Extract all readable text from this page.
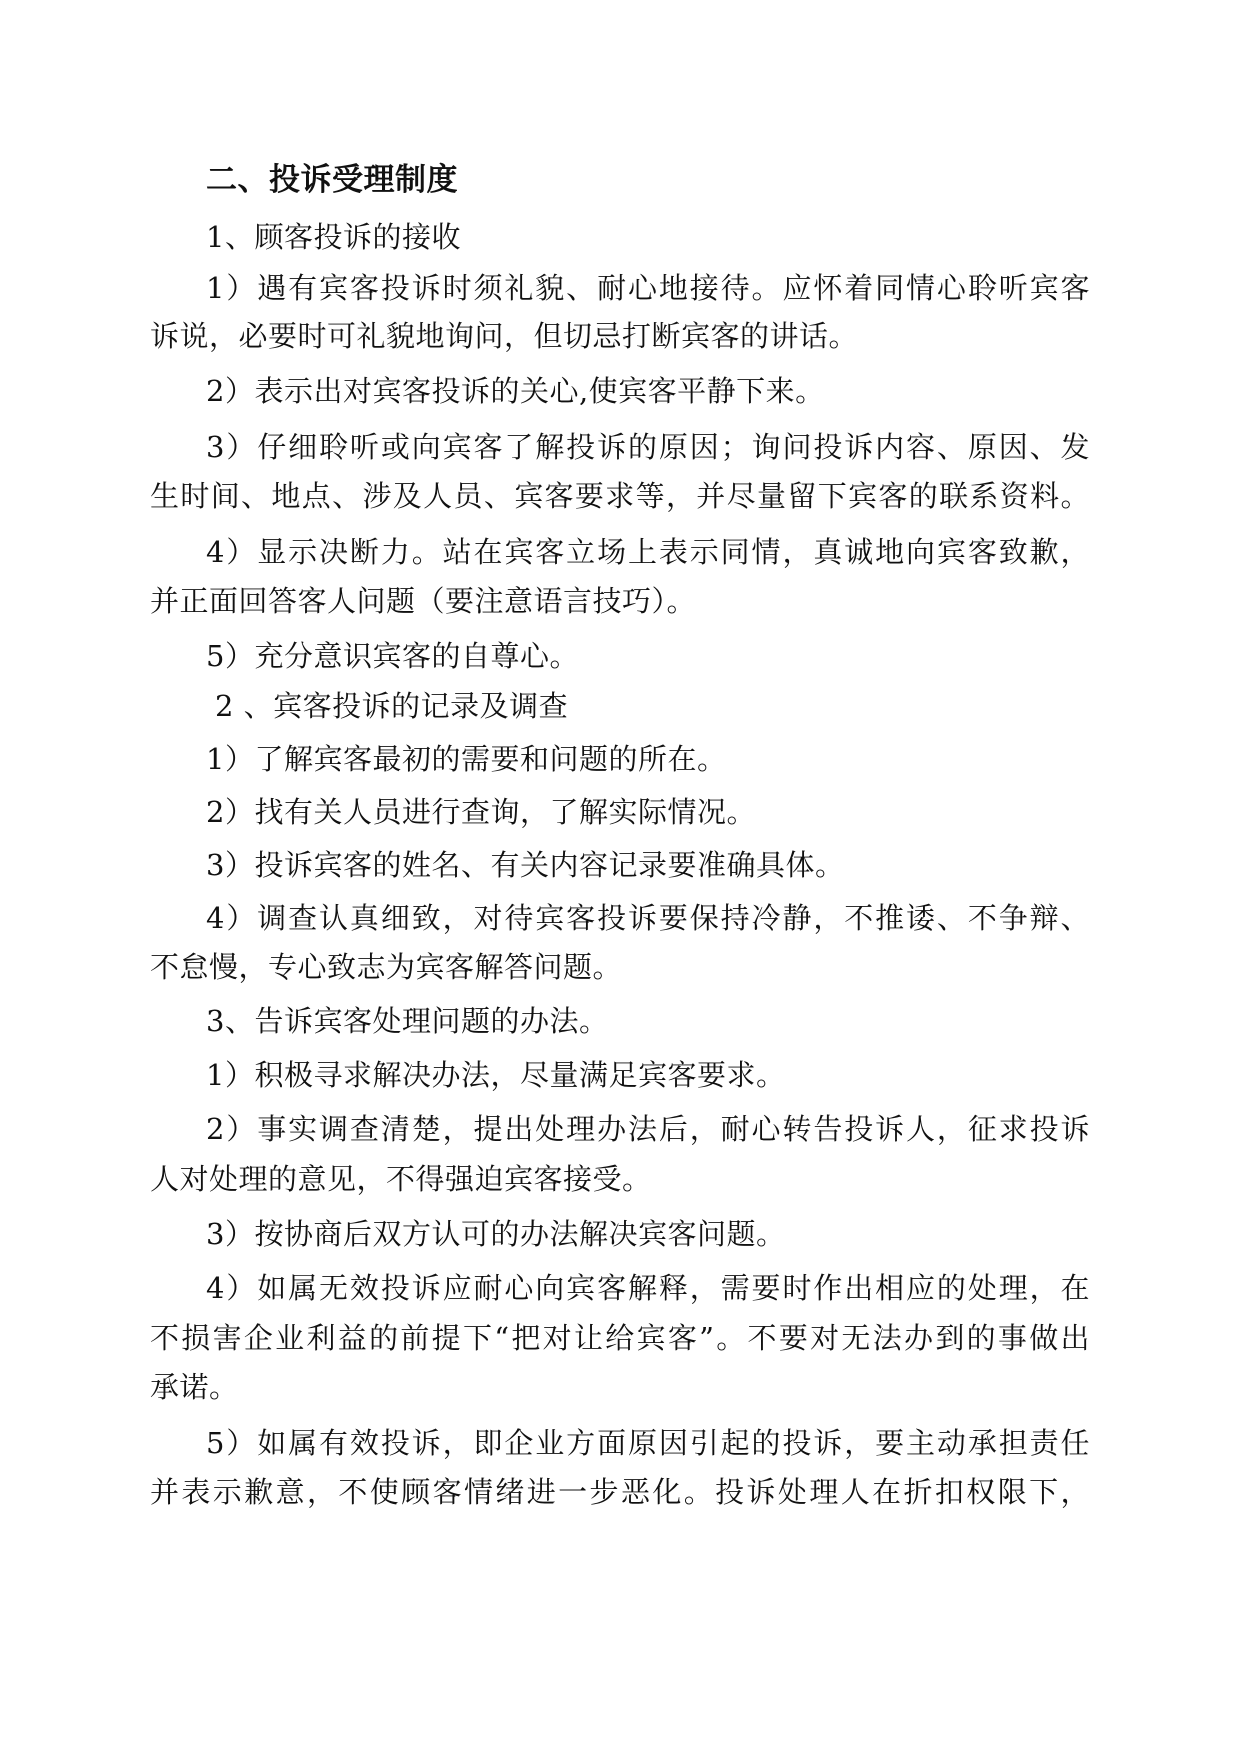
二、投诉受理制度
1、顾客投诉的接收
1）遇有宾客投诉时须礼貌、耐心地接待。应怀着同情心聆听宾客
诉说，必要时可礼貌地询问，但切忌打断宾客的讲话。
2）表示出对宾客投诉的关心,使宾客平静下来。
3）仔细聆听或向宾客了解投诉的原因；询问投诉内容、原因、发
生时间、地点、涉及人员、宾客要求等，并尽量留下宾客的联系资料。
4）显示决断力。站在宾客立场上表示同情，真诚地向宾客致歉，
并正面回答客人问题（要注意语言技巧）。
5）充分意识宾客的自尊心。
2 、宾客投诉的记录及调查
1）了解宾客最初的需要和问题的所在。
2）找有关人员进行查询，了解实际情况。
3）投诉宾客的姓名、有关内容记录要准确具体。
4）调查认真细致，对待宾客投诉要保持冷静，不推诿、不争辩、
不怠慢，专心致志为宾客解答问题。
3、告诉宾客处理问题的办法。
1）积极寻求解决办法，尽量满足宾客要求。
2）事实调查清楚，提出处理办法后，耐心转告投诉人，征求投诉
人对处理的意见，不得强迫宾客接受。
3）按协商后双方认可的办法解决宾客问题。
4）如属无效投诉应耐心向宾客解释，需要时作出相应的处理，在
不损害企业利益的前提下“把对让给宾客”。不要对无法办到的事做出
承诺。
5）如属有效投诉，即企业方面原因引起的投诉，要主动承担责任
并表示歉意，不使顾客情绪进一步恶化。投诉处理人在折扣权限下，
